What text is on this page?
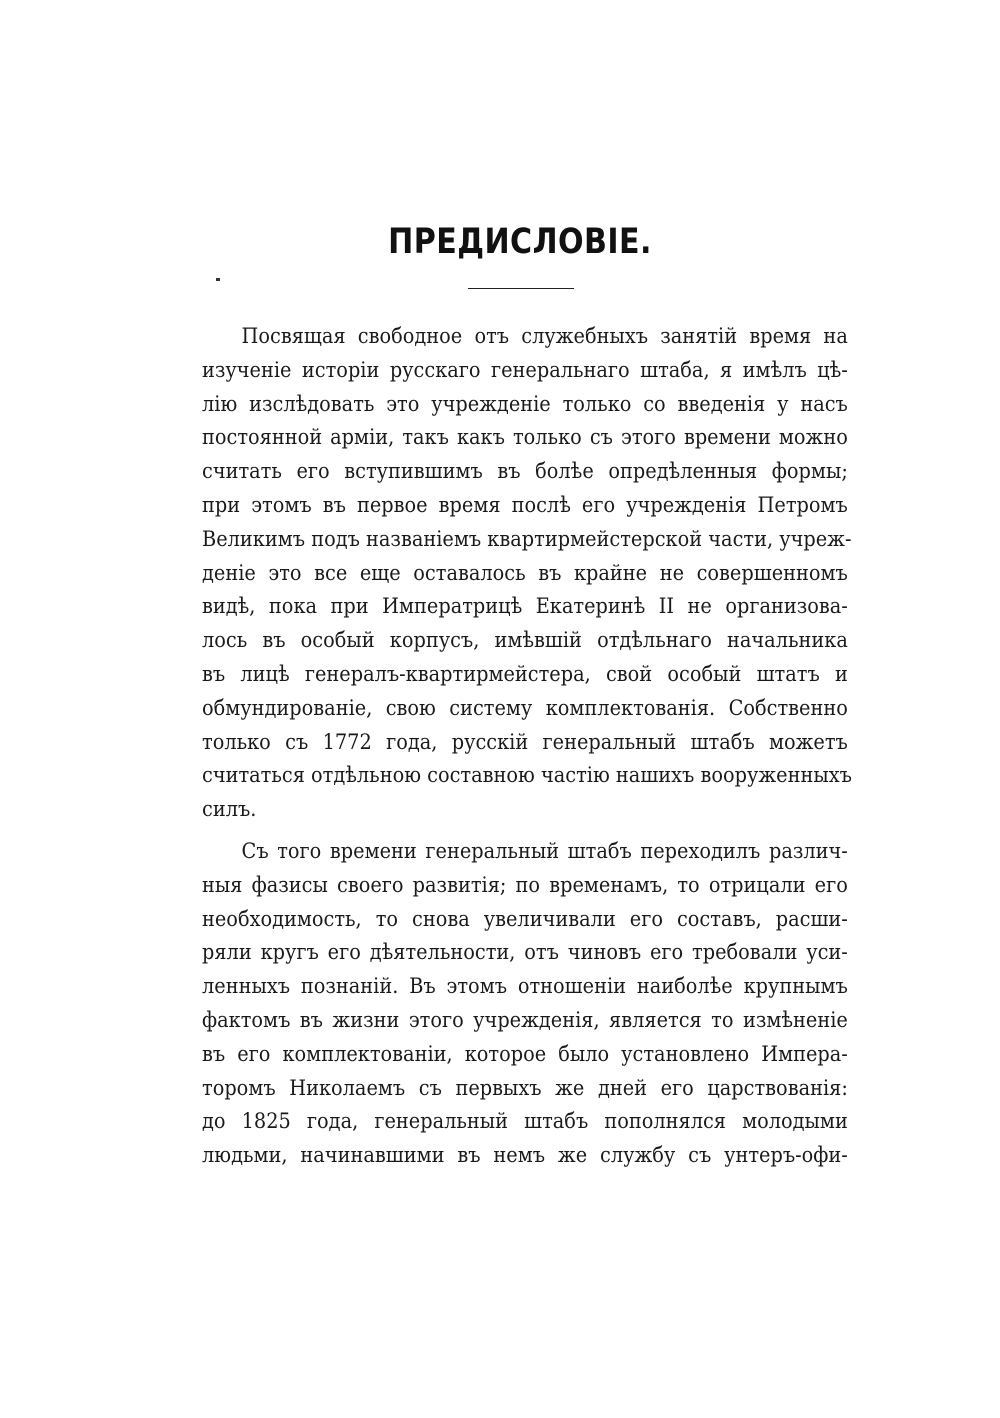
ПРЕДИСЛОВІЕ.
Посвящая свободное отъ служебныхъ занятій время на
изученіе исторіи русскаго генеральнаго штаба, я имѣлъ цѣ-
лію изслѣдовать это учрежденіе только со введенія у насъ
постоянной арміи, такъ какъ только съ этого времени можно
считать его вступившимъ въ болѣе опредѣленныя формы;
при этомъ въ первое время послѣ его учрежденія Петромъ
Великимъ подъ названіемъ квартирмейстерской части, учреж-
деніе это все еще оставалось въ крайне не совершенномъ
видѣ, пока при Императрицѣ Екатеринѣ II не организова-
лось въ особый корпусъ, имѣвшій отдѣльнаго начальника
въ лицѣ генералъ-квартирмейстера, свой особый штатъ и
обмундированіе, свою систему комплектованія. Собственно
только съ 1772 года, русскій генеральный штабъ можетъ
считаться отдѣльною составною частію нашихъ вооруженныхъ
силъ.
Съ того времени генеральный штабъ переходилъ различ-
ныя фазисы своего развитія; по временамъ, то отрицали его
необходимость, то снова увеличивали его составъ, расши-
ряли кругъ его дѣятельности, отъ чиновъ его требовали уси-
ленныхъ познаній. Въ этомъ отношеніи наиболѣе крупнымъ
фактомъ въ жизни этого учрежденія, является то измѣненіе
въ его комплектованіи, которое было установлено Импера-
торомъ Николаемъ съ первыхъ же дней его царствованія:
до 1825 года, генеральный штабъ пополнялся молодыми
людьми, начинавшими въ немъ же службу съ унтеръ-офи-
